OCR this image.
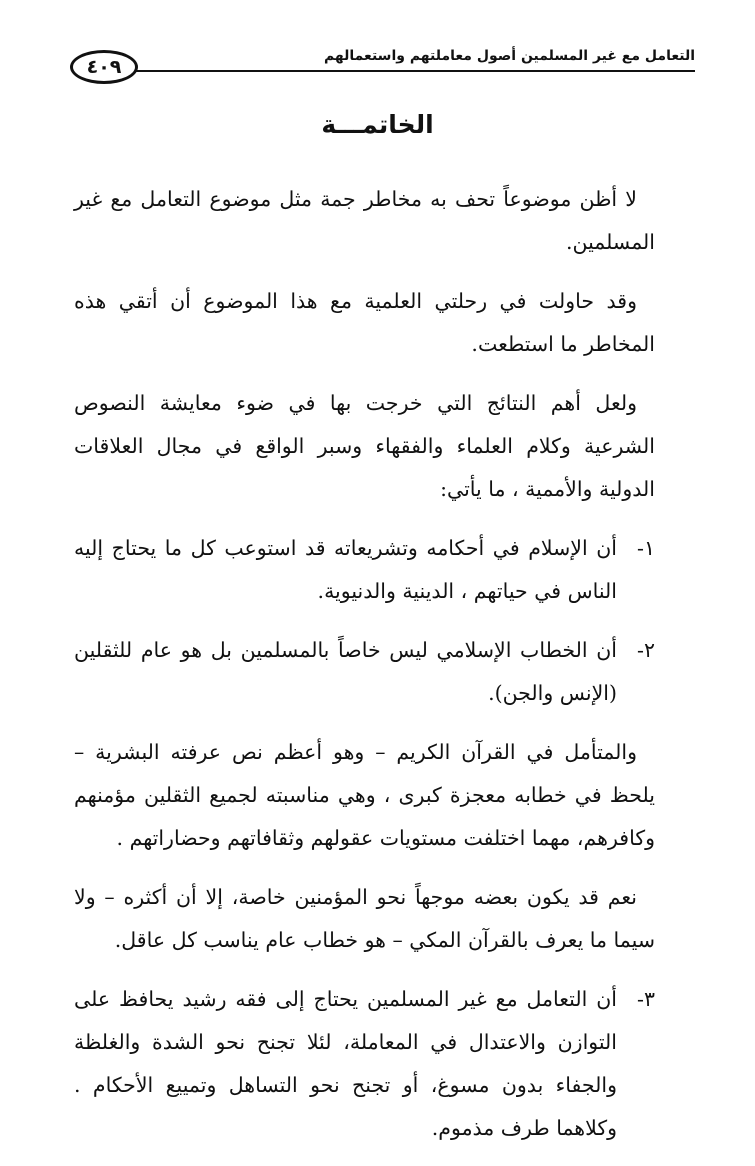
التعامل مع غير المسلمين أصول معاملتهم واستعمالهم
٤٠٩
الخاتمـــة

لا أظن موضوعاً تحف به مخاطر جمة مثل موضوع التعامل مع غير المسلمين.

وقد حاولت في رحلتي العلمية مع هذا الموضوع أن أتقي هذه المخاطر ما استطعت.

ولعل أهم النتائج التي خرجت بها في ضوء معايشة النصوص الشرعية وكلام العلماء والفقهاء وسبر الواقع في مجال العلاقات الدولية والأممية ، ما يأتي:

١-
أن الإسلام في أحكامه وتشريعاته قد استوعب كل ما يحتاج إليه الناس في حياتهم ، الدينية والدنيوية.
٢-
أن الخطاب الإسلامي ليس خاصاً بالمسلمين بل هو عام للثقلين (الإنس والجن).

والمتأمل في القرآن الكريم – وهو أعظم نص عرفته البشرية – يلحظ في خطابه معجزة كبرى ، وهي مناسبته لجميع الثقلين مؤمنهم وكافرهم، مهما اختلفت مستويات عقولهم وثقافاتهم وحضاراتهم .

نعم قد يكون بعضه موجهاً نحو المؤمنين خاصة، إلا أن أكثره – ولا سيما ما يعرف بالقرآن المكي – هو خطاب عام يناسب كل عاقل.

٣-
أن التعامل مع غير المسلمين يحتاج إلى فقه رشيد يحافظ على التوازن والاعتدال في المعاملة، لئلا تجنح نحو الشدة والغلظة والجفاء بدون مسوغ، أو تجنح نحو التساهل وتمييع الأحكام . وكلاهما طرف مذموم.
